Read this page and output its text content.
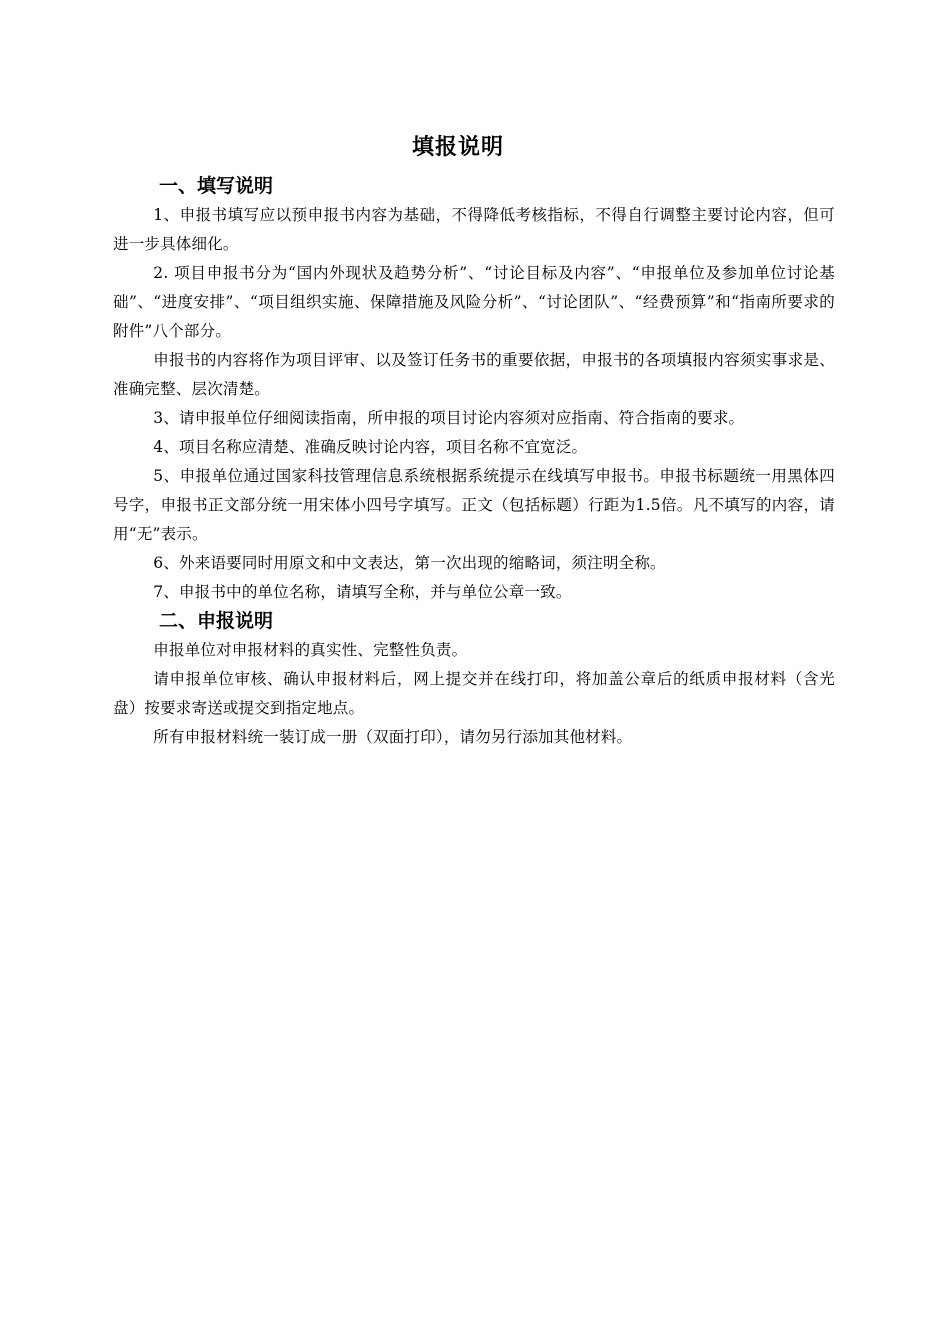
填报说明
一、填写说明

1、申报书填写应以预申报书内容为基础，不得降低考核指标，不得自行调整主要讨论内容，但可进一步具体细化。

2. 项目申报书分为“国内外现状及趋势分析”、“讨论目标及内容”、“申报单位及参加单位讨论基础”、“进度安排”、“项目组织实施、保障措施及风险分析”、“讨论团队”、“经费预算”和“指南所要求的附件”八个部分。

申报书的内容将作为项目评审、以及签订任务书的重要依据，申报书的各项填报内容须实事求是、准确完整、层次清楚。

3、请申报单位仔细阅读指南，所申报的项目讨论内容须对应指南、符合指南的要求。

4、项目名称应清楚、准确反映讨论内容，项目名称不宜宽泛。

5、申报单位通过国家科技管理信息系统根据系统提示在线填写申报书。申报书标题统一用黑体四号字，申报书正文部分统一用宋体小四号字填写。正文（包括标题）行距为1.5倍。凡不填写的内容，请用“无”表示。

6、外来语要同时用原文和中文表达，第一次出现的缩略词，须注明全称。

7、申报书中的单位名称，请填写全称，并与单位公章一致。

二、申报说明

申报单位对申报材料的真实性、完整性负责。

请申报单位审核、确认申报材料后，网上提交并在线打印，将加盖公章后的纸质申报材料（含光盘）按要求寄送或提交到指定地点。

所有申报材料统一装订成一册（双面打印），请勿另行添加其他材料。
